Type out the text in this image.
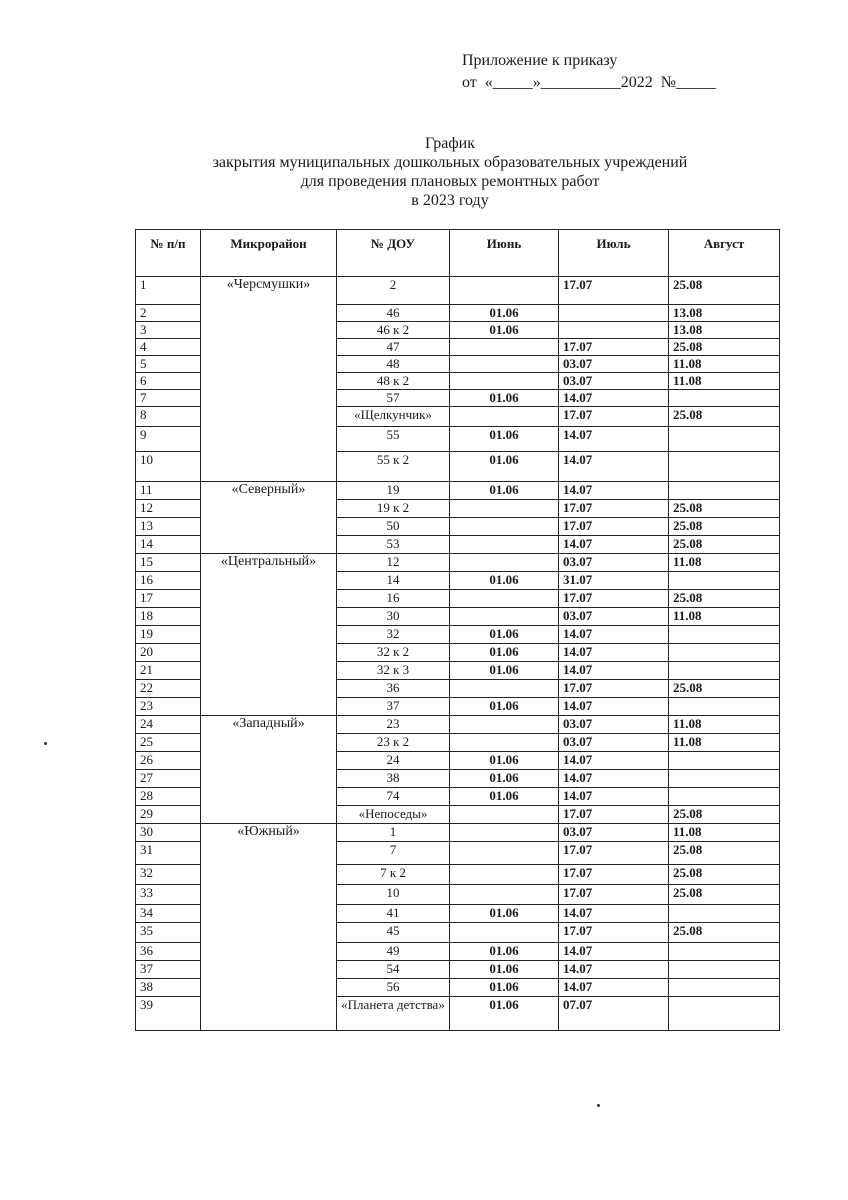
Приложение к приказу
от  «_____»__________2022  №_____
График
закрытия муниципальных дошкольных образовательных учреждений
для проведения плановых ремонтных работ
в 2023 году
№ п/п	Микрорайон	№ ДОУ	Июнь	Июль	Август
1	«Черсмушки»	2		17.07	25.08
2		46	01.06		13.08
3		46 к 2	01.06		13.08
4		47		17.07	25.08
5		48		03.07	11.08
6		48 к 2		03.07	11.08
7		57	01.06	14.07	
8		«Щелкунчик»		17.07	25.08
9		55	01.06	14.07	
10		55 к 2	01.06	14.07	
11	«Северный»	19	01.06	14.07	
12		19 к 2		17.07	25.08
13		50		17.07	25.08
14		53		14.07	25.08
15	«Центральный»	12		03.07	11.08
16		14	01.06	31.07	
17		16		17.07	25.08
18		30		03.07	11.08
19		32	01.06	14.07	
20		32 к 2	01.06	14.07	
21		32 к 3	01.06	14.07	
22		36		17.07	25.08
23		37	01.06	14.07	
24	«Западный»	23		03.07	11.08
25		23 к 2		03.07	11.08
26		24	01.06	14.07	
27		38	01.06	14.07	
28		74	01.06	14.07	
29		«Непоседы»		17.07	25.08
30	«Южный»	1		03.07	11.08
31		7		17.07	25.08
32		7 к 2		17.07	25.08
33		10		17.07	25.08
34		41	01.06	14.07	
35		45		17.07	25.08
36		49	01.06	14.07	
37		54	01.06	14.07	
38		56	01.06	14.07	
39		«Планета детства»	01.06	07.07	
